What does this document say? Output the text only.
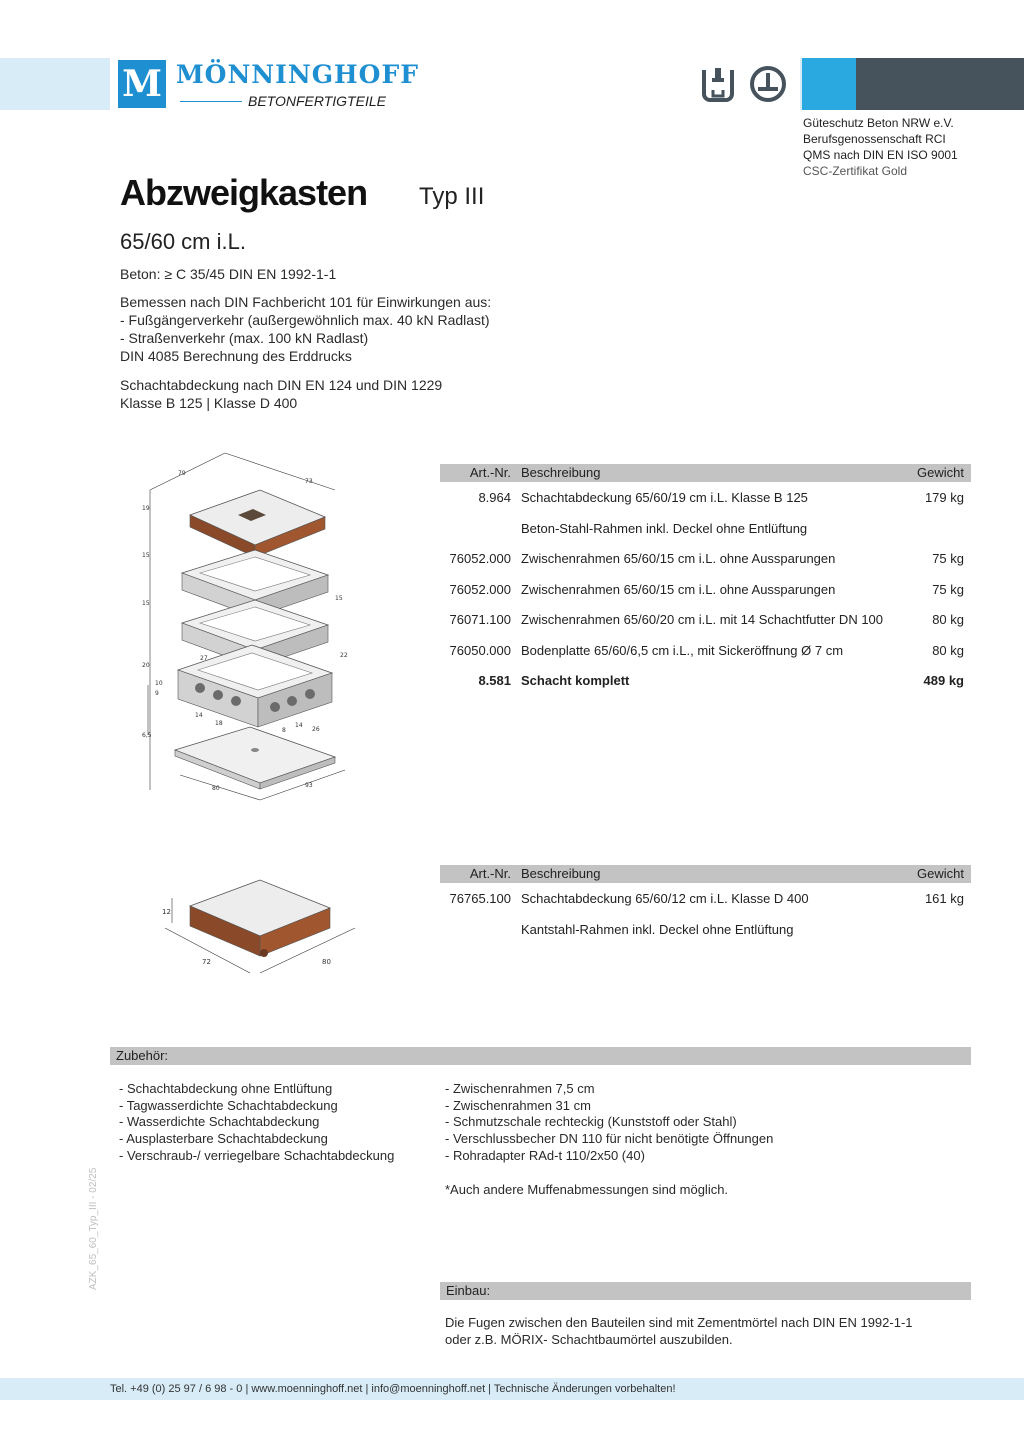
M MÖNNINGHOFF
BETONFERTIGTEILE
Güteschutz Beton NRW e.V.
Berufsgenossenschaft RCI
QMS nach DIN EN ISO 9001
CSC-Zertifikat Gold
Abzweigkasten Typ III
65/60 cm i.L.
Beton: ≥ C 35/45 DIN EN 1992-1-1
Bemessen nach DIN Fachbericht 101 für Einwirkungen aus:
- Fußgängerverkehr (außergewöhnlich max. 40 kN Radlast)
- Straßenverkehr (max. 100 kN Radlast)
DIN 4085 Berechnung des Erddrucks
Schachtabdeckung nach DIN EN 124 und DIN 1229
Klasse B 125 | Klasse D 400
79
73
19
15
15
20
10
9
15
6,5
27	22
14
18
8
14
26
80	93
Art.-Nr. Beschreibung	Gewicht
8.964 Schachtabdeckung 65/60/19 cm i.L. Klasse B 125	179 kg
Beton-Stahl-Rahmen inkl. Deckel ohne Entlüftung
76052.000 Zwischenrahmen 65/60/15 cm i.L. ohne Aussparungen	75 kg
76052.000 Zwischenrahmen 65/60/15 cm i.L. ohne Aussparungen	75 kg
76071.100 Zwischenrahmen 65/60/20 cm i.L. mit 14 Schachtfutter DN 100	80 kg
76050.000 Bodenplatte 65/60/6,5 cm i.L., mit Sickeröffnung Ø 7 cm	80 kg
8.581 Schacht komplett	489 kg
12
72	80
Art.-Nr. Beschreibung	Gewicht
76765.100 Schachtabdeckung 65/60/12 cm i.L. Klasse D 400	161 kg
Kantstahl-Rahmen inkl. Deckel ohne Entlüftung
Zubehör:
- Schachtabdeckung ohne Entlüftung
- Tagwasserdichte Schachtabdeckung
- Wasserdichte Schachtabdeckung
- Ausplasterbare Schachtabdeckung
- Verschraub-/ verriegelbare Schachtabdeckung
- Zwischenrahmen 7,5 cm
- Zwischenrahmen 31 cm
- Schmutzschale rechteckig (Kunststoff oder Stahl)
- Verschlussbecher DN 110 für nicht benötigte Öffnungen
- Rohradapter RAd-t 110/2x50 (40)
*Auch andere Muffenabmessungen sind möglich.
Einbau:
Die Fugen zwischen den Bauteilen sind mit Zementmörtel nach DIN EN 1992-1-1
oder z.B. MÖRIX- Schachtbaumörtel auszubilden.
AZK_65_60_Typ_III - 02/25
Tel. +49 (0) 25 97 / 6 98 - 0 | www.moenninghoff.net | info@moenninghoff.net | Technische Änderungen vorbehalten!
